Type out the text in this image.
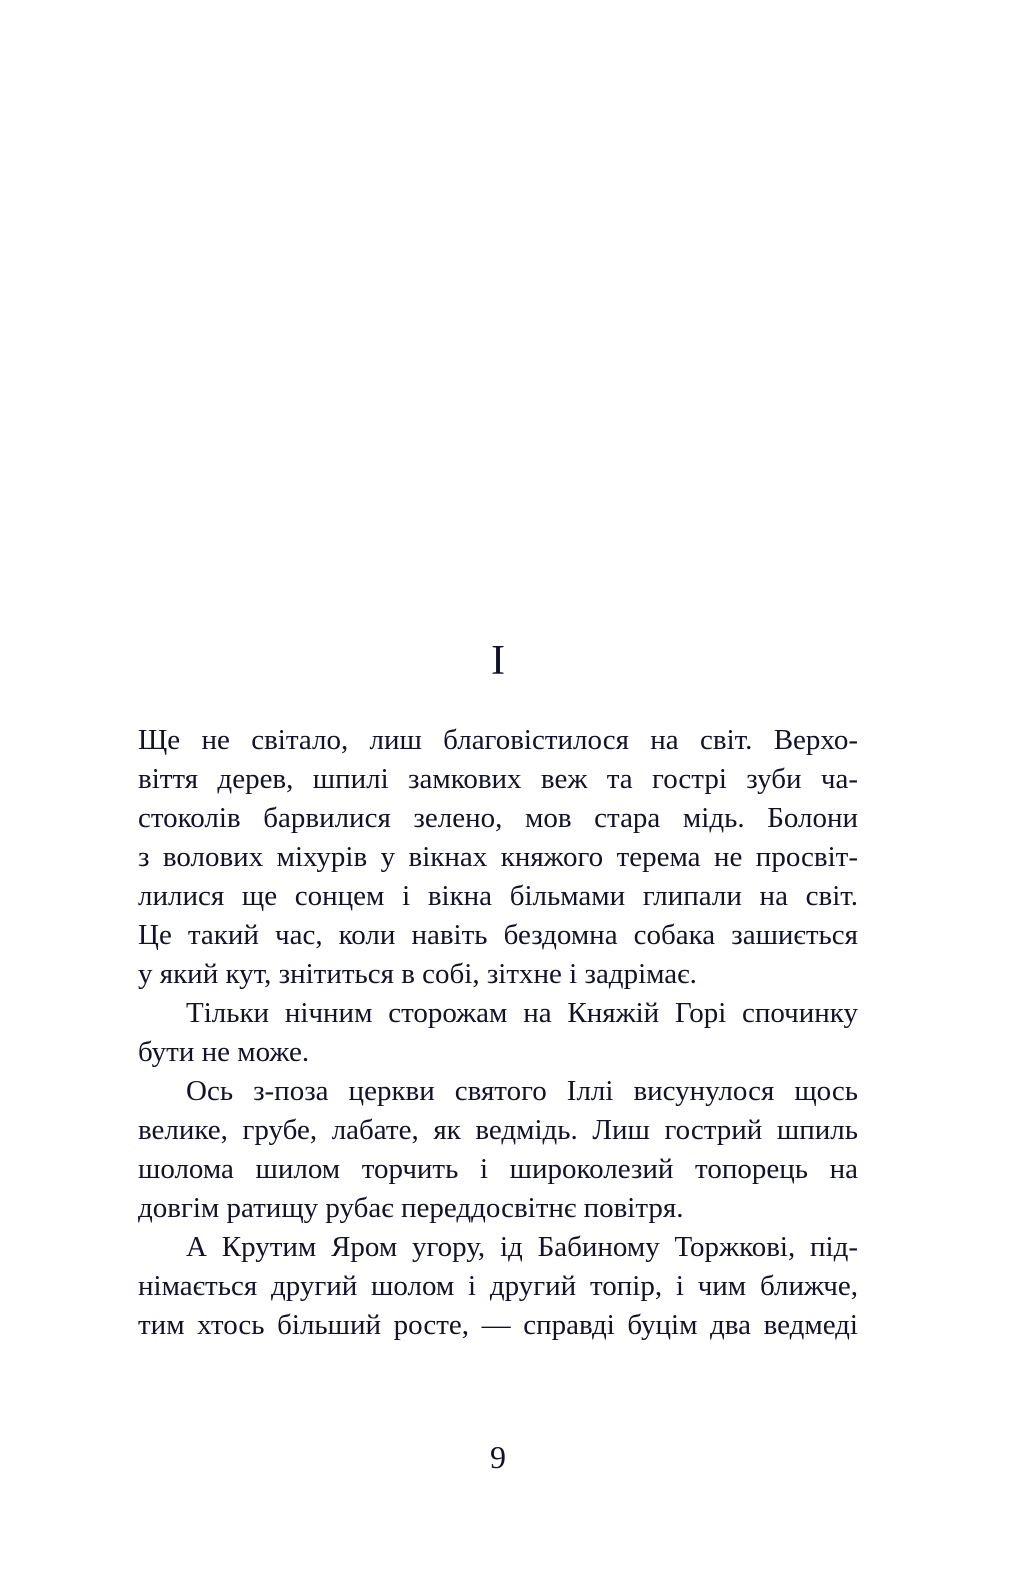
I

Ще не світало, лиш благовістилося на світ. Верхо-
віття дерев, шпилі замкових веж та гострі зуби ча-
стоколів барвилися зелено, мов стара мідь. Болони
з волових міхурів у вікнах княжого терема не просвіт-
лилися ще сонцем і вікна більмами глипали на світ.
Це такий час, коли навіть бездомна собака зашиється
у який кут, знітиться в собі, зітхне і задрімає.

Тільки нічним сторожам на Княжій Горі спочинку
бути не може.

Ось з-поза церкви святого Іллі висунулося щось
велике, грубе, лабате, як ведмідь. Лиш гострий шпиль
шолома шилом торчить і широколезий топорець на
довгім ратищу рубає переддосвітнє повітря.

А Крутим Яром угору, ід Бабиному Торжкові, під-
німається другий шолом і другий топір, і чим ближче,
тим хтось більший росте, — справді буцім два ведмеді

9
